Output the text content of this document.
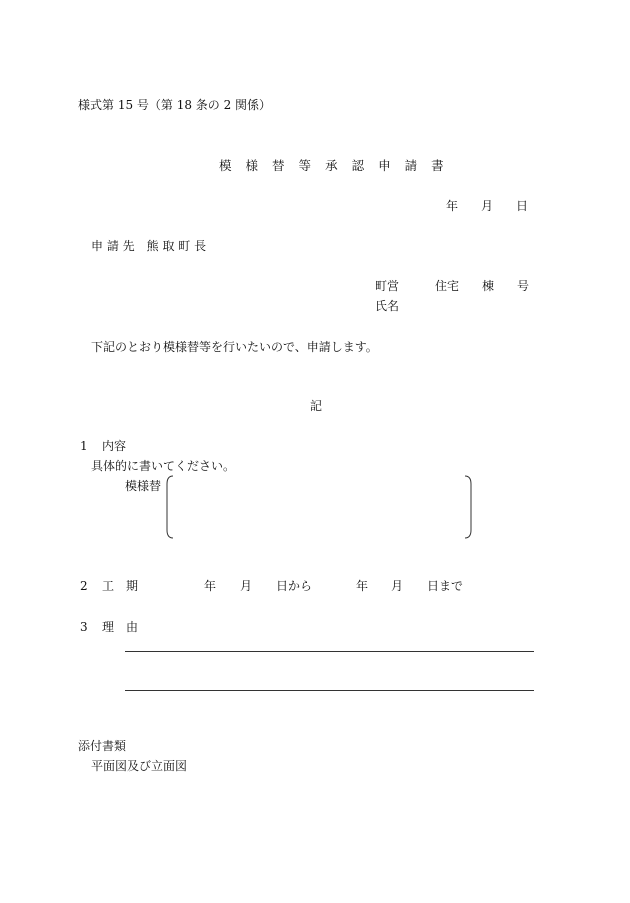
様式第 15 号（第 18 条の 2 関係）
模 様 替 等 承 認 申 請 書
年 月 日
申 請 先　熊 取 町 長
町営	住宅 棟 号
氏名
下記のとおり模様替等を行いたいので、申請します。
記
1 内容
具体的に書いてください。
模様替
2 工　期	年 月 日から	年 月 日まで
3 理　由
添付書類
平面図及び立面図
